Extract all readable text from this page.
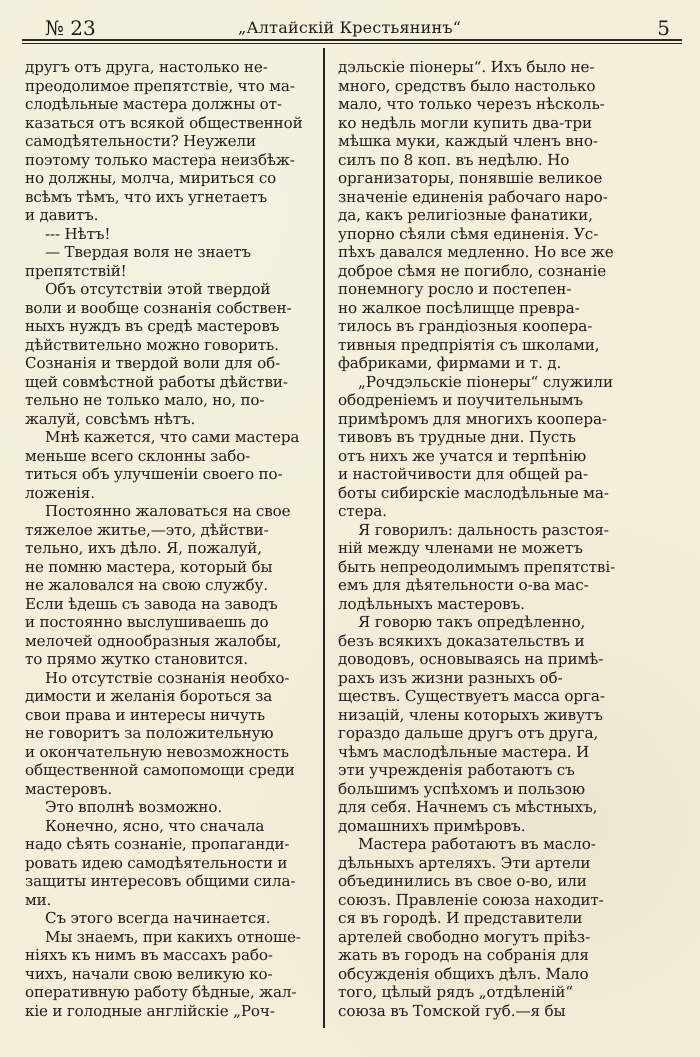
№ 23	„Алтайскій Крестьянинъ“	5

другъ отъ друга, настолько не-
преодолимое препятствіе, что ма-
слодѣльные мастера должны от-
казаться отъ всякой общественной
самодѣятельности? Неужели
поэтому только мастера неизбѣж-
но должны, молча, мириться со
всѣмъ тѣмъ, что ихъ угнетаетъ
и давитъ.

--- Нѣтъ!

— Твердая воля не знаетъ
препятствій!

Объ отсутствіи этой твердой
воли и вообще сознанія собствен-
ныхъ нуждъ въ средѣ мастеровъ
дѣйствительно можно говорить.
Сознанія и твердой воли для об-
щей совмѣстной работы дѣйстви-
тельно не только мало, но, по-
жалуй, совсѣмъ нѣтъ.

Мнѣ кажется, что сами мастера
меньше всего склонны забо-
титься объ улучшеніи своего по-
ложенія.

Постоянно жаловаться на свое
тяжелое житье,—это, дѣйстви-
тельно, ихъ дѣло. Я, пожалуй,
не помню мастера, который бы
не жаловался на свою службу.
Если ѣдешь съ завода на заводъ
и постоянно выслушиваешь до
мелочей однообразныя жалобы,
то прямо жутко становится.

Но отсутствіе сознанія необхо-
димости и желанія бороться за
свои права и интересы ничуть
не говоритъ за положительную
и окончательную невозможность
общественной самопомощи среди
мастеровъ.

Это вполнѣ возможно.

Конечно, ясно, что сначала
надо сѣять сознаніе, пропаганди-
ровать идею самодѣятельности и
защиты интересовъ общими сила-
ми.

Съ этого всегда начинается.

Мы знаемъ, при какихъ отноше-
ніяхъ къ нимъ въ массахъ рабо-
чихъ, начали свою великую ко-
оперативную работу бѣдные, жал-
кіе и голодные англійскіе „Роч-

дэльскіе піонеры“. Ихъ было не-
много, средствъ было настолько
мало, что только черезъ нѣсколь-
ко недѣль могли купить два-три
мѣшка муки, каждый членъ вно-
силъ по 8 коп. въ недѣлю. Но
организаторы, понявшіе великое
значеніе единенія рабочаго наро-
да, какъ религіозные фанатики,
упорно сѣяли сѣмя единенія. Ус-
пѣхъ давался медленно. Но все же
доброе сѣмя не погибло, сознаніе
понемногу росло и постепен-
но жалкое посѣлищце превра-
тилось въ грандіозныя коопера-
тивныя предпріятія съ школами,
фабриками, фирмами и т. д.

„Рочдэльскіе піонеры“ служили
ободреніемъ и поучительнымъ
примѣромъ для многихъ коопера-
тивовъ въ трудные дни. Пусть
отъ нихъ же учатся и терпѣнію
и настойчивости для общей ра-
боты сибирскіе маслодѣльные ма-
стера.

Я говорилъ: дальность разстоя-
ній между членами не можетъ
быть непреодолимымъ препятстві-
емъ для дѣятельности о-ва мас-
лодѣльныхъ мастеровъ.

Я говорю такъ опредѣленно,
безъ всякихъ доказательствъ и
доводовъ, основываясь на примѣ-
рахъ изъ жизни разныхъ об-
ществъ. Существуетъ масса орга-
низацій, члены которыхъ живутъ
гораздо дальше другъ отъ друга,
чѣмъ маслодѣльные мастера. И
эти учрежденія работаютъ съ
большимъ успѣхомъ и пользою
для себя. Начнемъ съ мѣстныхъ,
домашнихъ примѣровъ.

Мастера работаютъ въ масло-
дѣльныхъ артеляхъ. Эти артели
объединились въ свое о-во, или
союзъ. Правленіе союза находит-
ся въ городѣ. И представители
артелей свободно могутъ пріѣз-
жать въ городъ на собранія для
обсужденія общихъ дѣлъ. Мало
того, цѣлый рядъ „отдѣленій“
союза въ Томской губ.—я бы
